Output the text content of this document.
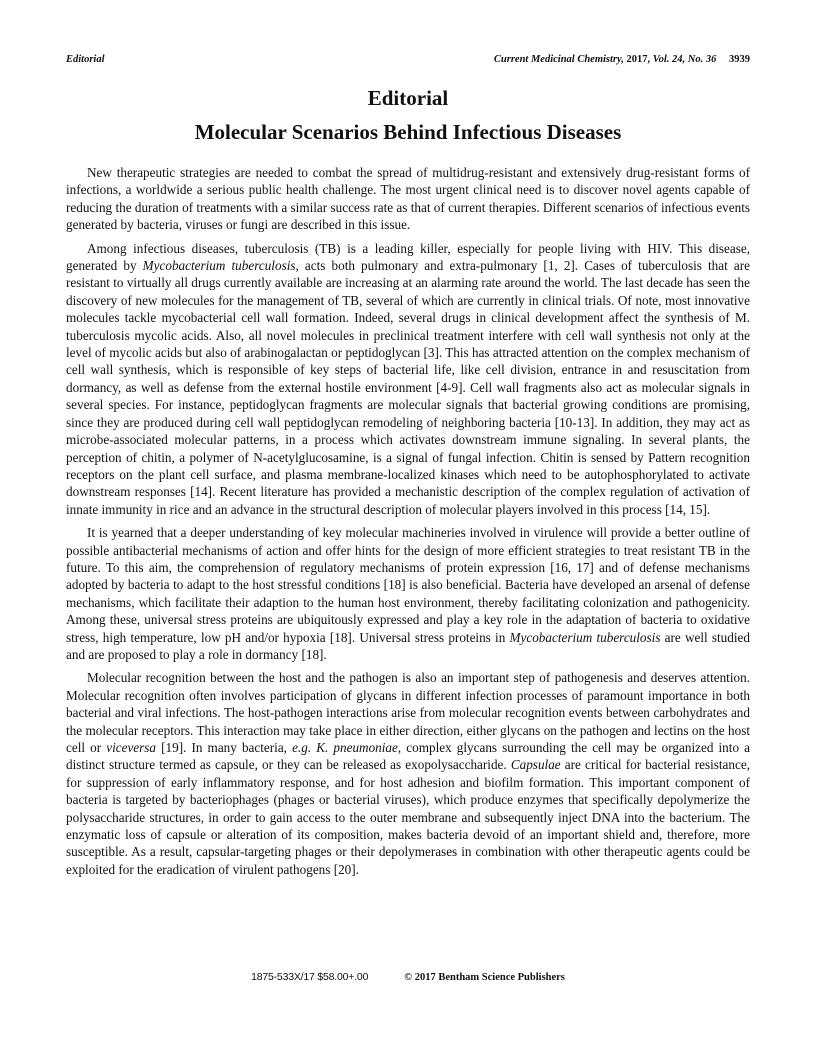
Editorial	Current Medicinal Chemistry, 2017, Vol. 24, No. 36 3939
Editorial
Molecular Scenarios Behind Infectious Diseases

New therapeutic strategies are needed to combat the spread of multidrug-resistant and extensively drug-resistant forms of infections, a worldwide a serious public health challenge. The most urgent clinical need is to discover novel agents capable of reducing the duration of treatments with a similar success rate as that of current therapies. Different scenarios of infectious events generated by bacteria, viruses or fungi are described in this issue.

Among infectious diseases, tuberculosis (TB) is a leading killer, especially for people living with HIV. This disease, generated by Mycobacterium tuberculosis, acts both pulmonary and extra-pulmonary [1, 2]. Cases of tuberculosis that are resistant to virtually all drugs currently available are increasing at an alarming rate around the world. The last decade has seen the discovery of new molecules for the management of TB, several of which are currently in clinical trials. Of note, most innovative molecules tackle mycobacterial cell wall formation. Indeed, several drugs in clinical development affect the synthesis of M. tuberculosis mycolic acids. Also, all novel molecules in preclinical treatment interfere with cell wall synthesis not only at the level of mycolic acids but also of arabinogalactan or peptidoglycan [3]. This has attracted attention on the complex mechanism of cell wall synthesis, which is responsible of key steps of bacterial life, like cell division, entrance in and resuscitation from dormancy, as well as defense from the external hostile environment [4-9]. Cell wall fragments also act as molecular signals in several species. For instance, peptidoglycan fragments are molecular signals that bacterial growing conditions are promising, since they are produced during cell wall peptidoglycan remodeling of neighboring bacteria [10-13]. In addition, they may act as microbe-associated molecular patterns, in a process which activates downstream immune signaling. In several plants, the perception of chitin, a polymer of N-acetylglucosamine, is a signal of fungal infection. Chitin is sensed by Pattern recognition receptors on the plant cell surface, and plasma membrane-localized kinases which need to be autophosphorylated to activate downstream responses [14]. Recent literature has provided a mechanistic description of the complex regulation of activation of innate immunity in rice and an advance in the structural description of molecular players involved in this process [14, 15].

It is yearned that a deeper understanding of key molecular machineries involved in virulence will provide a better outline of possible antibacterial mechanisms of action and offer hints for the design of more efficient strategies to treat resistant TB in the future. To this aim, the comprehension of regulatory mechanisms of protein expression [16, 17] and of defense mechanisms adopted by bacteria to adapt to the host stressful conditions [18] is also beneficial. Bacteria have developed an arsenal of defense mechanisms, which facilitate their adaption to the human host environment, thereby facilitating colonization and pathogenicity. Among these, universal stress proteins are ubiquitously expressed and play a key role in the adaptation of bacteria to oxidative stress, high temperature, low pH and/or hypoxia [18]. Universal stress proteins in Mycobacterium tuberculosis are well studied and are proposed to play a role in dormancy [18].

Molecular recognition between the host and the pathogen is also an important step of pathogenesis and deserves attention. Molecular recognition often involves participation of glycans in different infection processes of paramount importance in both bacterial and viral infections. The host-pathogen interactions arise from molecular recognition events between carbohydrates and the molecular receptors. This interaction may take place in either direction, either glycans on the pathogen and lectins on the host cell or viceversa [19]. In many bacteria, e.g. K. pneumoniae, complex glycans surrounding the cell may be organized into a distinct structure termed as capsule, or they can be released as exopolysaccharide. Capsulae are critical for bacterial resistance, for suppression of early inflammatory response, and for host adhesion and biofilm formation. This important component of bacteria is targeted by bacteriophages (phages or bacterial viruses), which produce enzymes that specifically depolymerize the polysaccharide structures, in order to gain access to the outer membrane and subsequently inject DNA into the bacterium. The enzymatic loss of capsule or alteration of its composition, makes bacteria devoid of an important shield and, therefore, more susceptible. As a result, capsular-targeting phages or their depolymerases in combination with other therapeutic agents could be exploited for the eradication of virulent pathogens [20].

1875-533X/17 $58.00+.00	© 2017 Bentham Science Publishers
